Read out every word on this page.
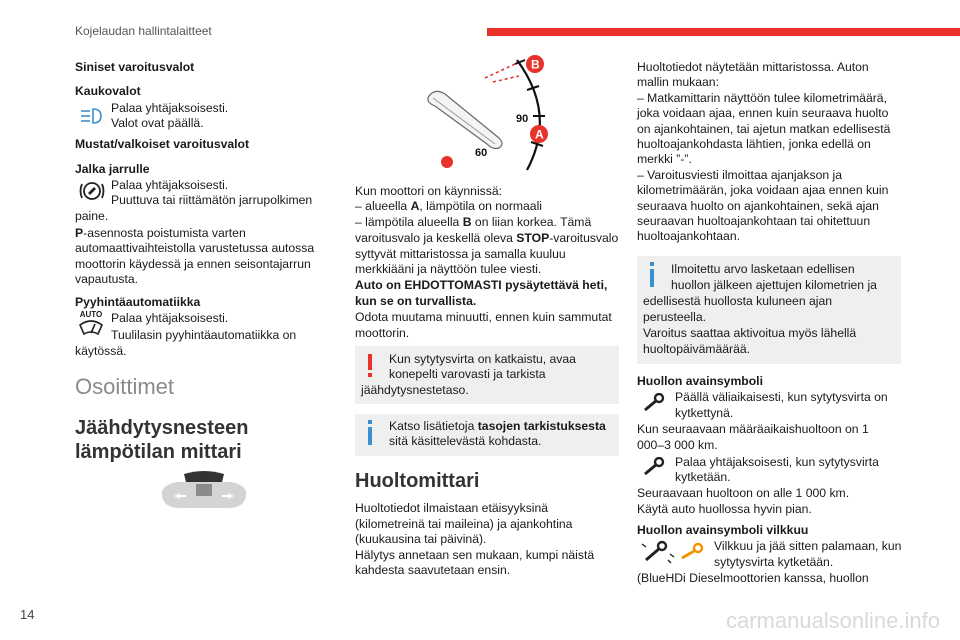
Kojelaudan hallintalaitteet
Siniset varoitusvalot
Kaukovalot
Palaa yhtäjaksoisesti.
Valot ovat päällä.
Mustat/valkoiset varoitusvalot
Jalka jarrulle
Palaa yhtäjaksoisesti.
Puuttuva tai riittämätön jarrupolkimen
paine.
P-asennosta poistumista varten
automaattivaihteistolla varustetussa autossa
moottorin käydessä ja ennen seisontajarrun
vapautusta.
Pyyhintäautomatiikka
AUTO Palaa yhtäjaksoisesti.
Tuulilasin pyyhintäautomatiikka on
käytössä.
Osoittimet
Jäähdytysnesteen
lämpötilan mittari
90
60
B
A
Kun moottori on käynnissä:
– alueella A, lämpötila on normaali
– lämpötila alueella B on liian korkea. Tämä
varoitusvalo ja keskellä oleva STOP-varoitusvalo
syttyvät mittaristossa ja samalla kuuluu
merkkiääni ja näyttöön tulee viesti.
Auto on EHDOTTOMASTI pysäytettävä heti,
kun se on turvallista.
Odota muutama minuutti, ennen kuin sammutat
moottorin.
Kun sytytysvirta on katkaistu, avaa
konepelti varovasti ja tarkista
jäähdytysnestetaso.
Katso lisätietoja tasojen tarkistuksesta
sitä käsittelevästä kohdasta.
Huoltomittari
Huoltotiedot ilmaistaan etäisyyksinä
(kilometreinä tai maileina) ja ajankohtina
(kuukausina tai päivinä).
Hälytys annetaan sen mukaan, kumpi näistä
kahdesta saavutetaan ensin.
Huoltotiedot näytetään mittaristossa. Auton
mallin mukaan:
– Matkamittarin näyttöön tulee kilometrimäärä,
joka voidaan ajaa, ennen kuin seuraava huolto
on ajankohtainen, tai ajetun matkan edellisestä
huoltoajankohdasta lähtien, jonka edellä on
merkki ”-”.
– Varoitusviesti ilmoittaa ajanjakson ja
kilometrimäärän, joka voidaan ajaa ennen kuin
seuraava huolto on ajankohtainen, sekä ajan
seuraavan huoltoajankohtaan tai ohitettuun
huoltoajankohtaan.
Ilmoitettu arvo lasketaan edellisen
huollon jälkeen ajettujen kilometrien ja
edellisestä huollosta kuluneen ajan
perusteella.
Varoitus saattaa aktivoitua myös lähellä
huoltopäivämäärää.
Huollon avainsymboli
Päällä väliaikaisesti, kun sytytysvirta on
kytkettynä.
Kun seuraavaan määräaikaishuoltoon on 1
000–3 000 km.
Palaa yhtäjaksoisesti, kun sytytysvirta
kytketään.
Seuraavaan huoltoon on alle 1 000 km.
Käytä auto huollossa hyvin pian.
Huollon avainsymboli vilkkuu
Vilkkuu ja jää sitten palamaan, kun
sytytysvirta kytketään.
(BlueHDi Dieselmoottorien kanssa, huollon
14	carmanualsonline.info
